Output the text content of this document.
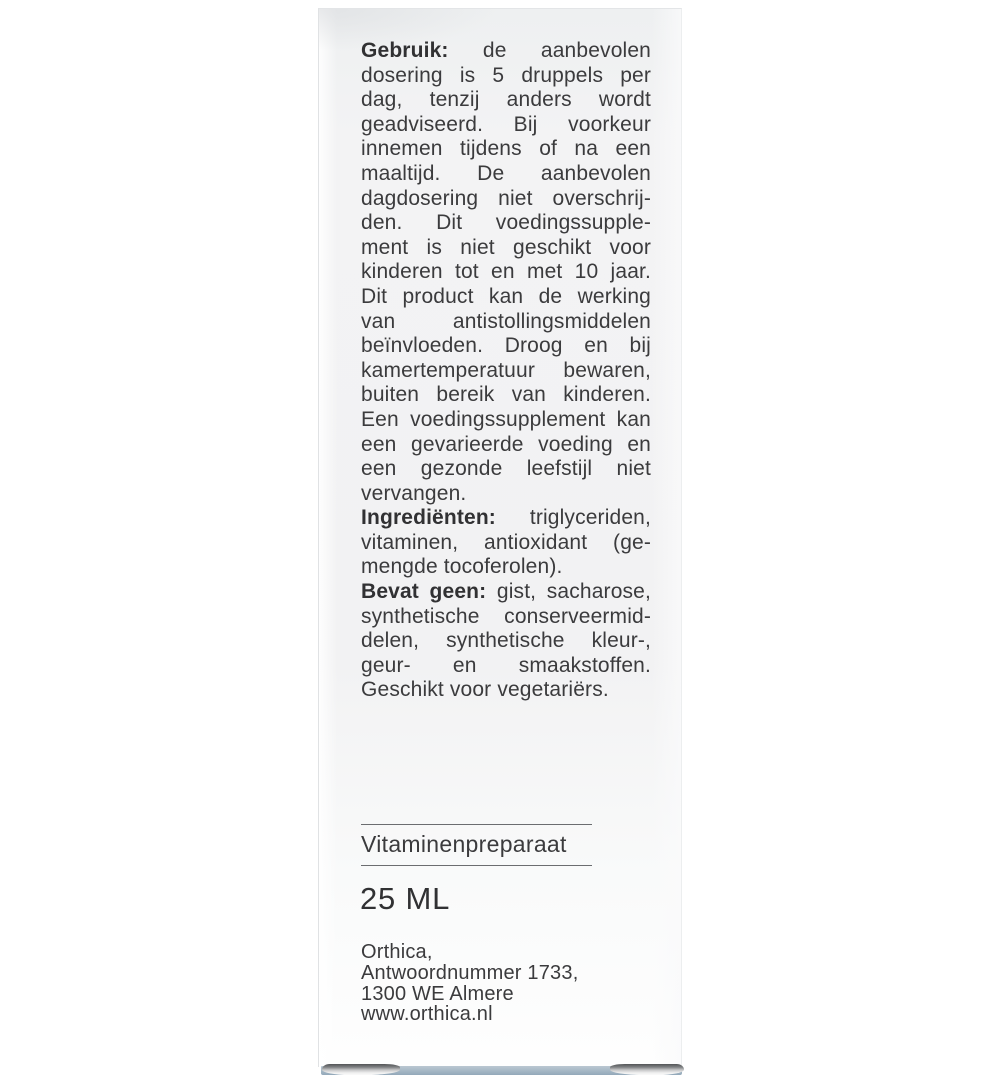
Gebruik: de aanbevolen
dosering is 5 druppels per
dag, tenzij anders wordt
geadviseerd. Bij voorkeur
innemen tijdens of na een
maaltijd. De aanbevolen
dagdosering niet overschrij-
den. Dit voedingssupple-
ment is niet geschikt voor
kinderen tot en met 10 jaar.
Dit product kan de werking
van antistollingsmiddelen
beïnvloeden. Droog en bij
kamertemperatuur bewaren,
buiten bereik van kinderen.
Een voedingssupplement kan
een gevarieerde voeding en
een gezonde leefstijl niet
vervangen.
Ingrediënten: triglyceriden,
vitaminen, antioxidant (ge-
mengde tocoferolen).
Bevat geen: gist, sacharose,
synthetische conserveermid-
delen, synthetische kleur-,
geur- en smaakstoffen.
Geschikt voor vegetariërs.
Vitaminenpreparaat
25 ML
Orthica,
Antwoordnummer 1733,
1300 WE Almere
www.orthica.nl
